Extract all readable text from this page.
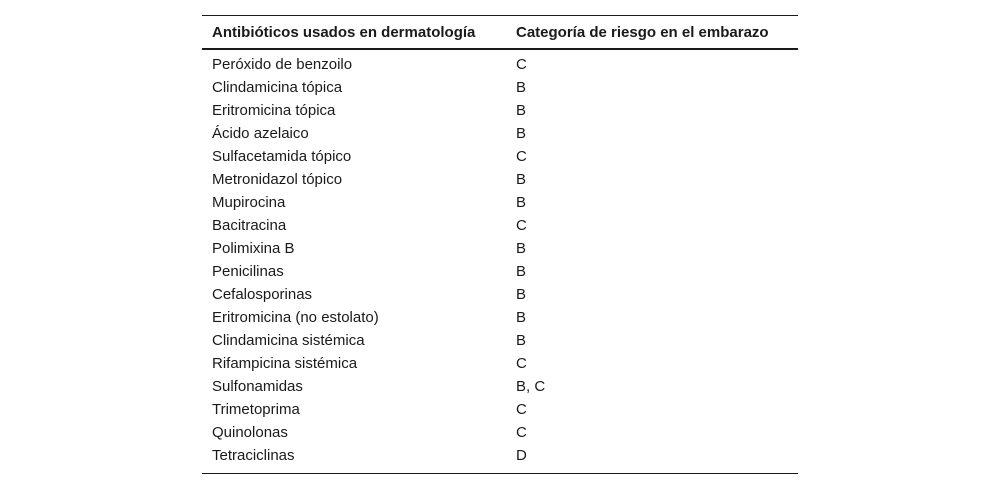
Antibióticos usados en dermatología	Categoría de riesgo en el embarazo
Peróxido de benzoilo	C
Clindamicina tópica	B
Eritromicina tópica	B
Ácido azelaico	B
Sulfacetamida tópico	C
Metronidazol tópico	B
Mupirocina	B
Bacitracina	C
Polimixina B	B
Penicilinas	B
Cefalosporinas	B
Eritromicina (no estolato)	B
Clindamicina sistémica	B
Rifampicina sistémica	C
Sulfonamidas	B, C
Trimetoprima	C
Quinolonas	C
Tetraciclinas	D
